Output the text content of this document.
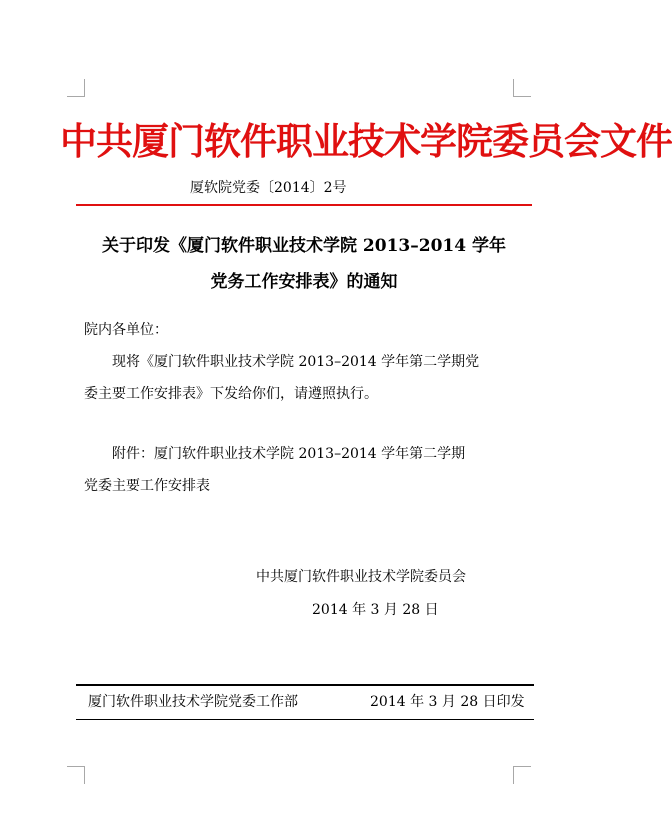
中共厦门软件职业技术学院委员会文件
厦软院党委〔2014〕2号
关于印发《厦门软件职业技术学院 2013–2014 学年
党务工作安排表》的通知
院内各单位：
现将《厦门软件职业技术学院 2013–2014 学年第二学期党
委主要工作安排表》下发给你们，请遵照执行。
附件：厦门软件职业技术学院 2013–2014 学年第二学期
党委主要工作安排表
中共厦门软件职业技术学院委员会
2014 年 3 月 28 日
厦门软件职业技术学院党委工作部	2014 年 3 月 28 日印发
